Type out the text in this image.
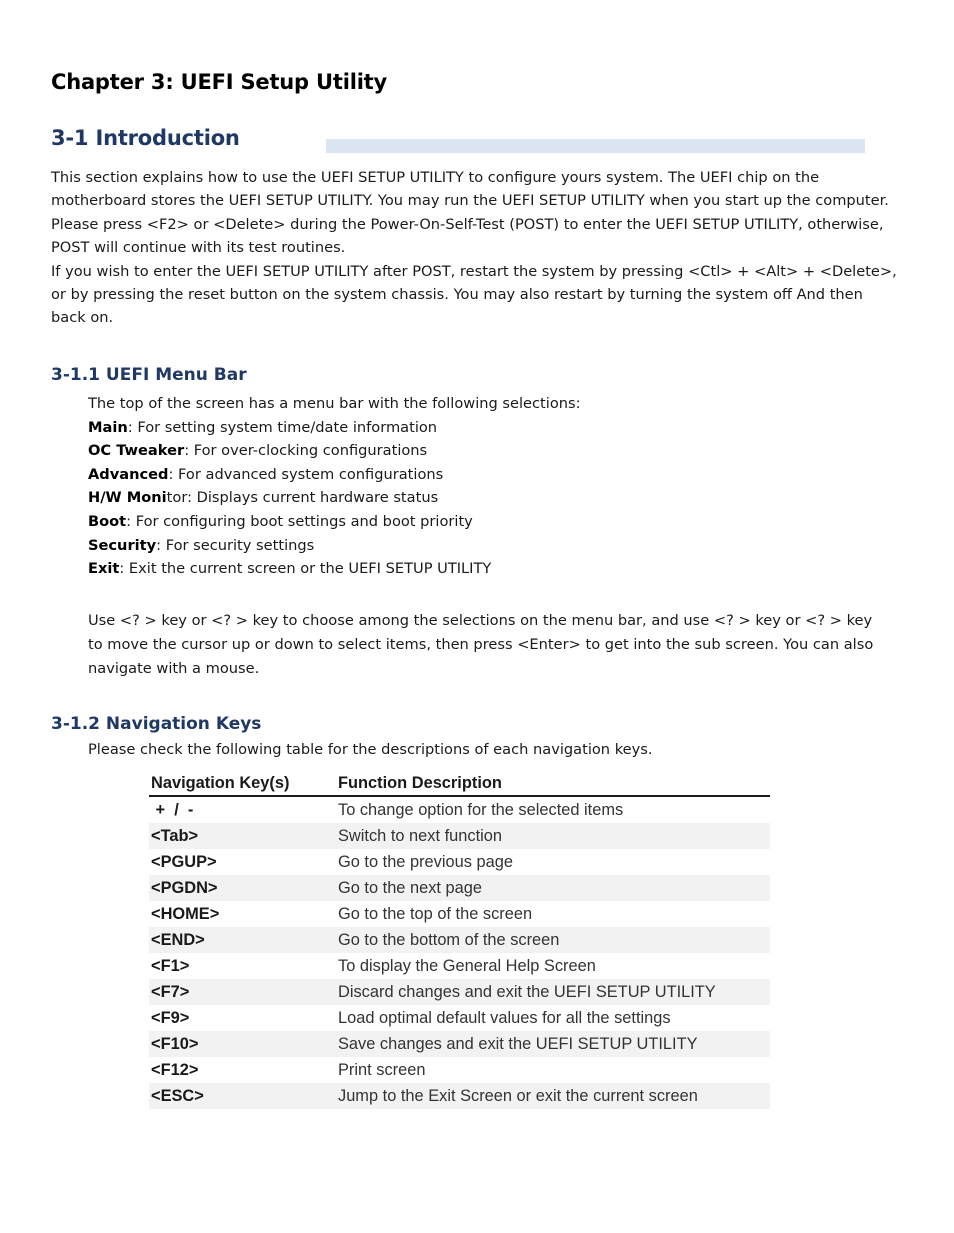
Chapter 3: UEFI Setup Utility
3-1 Introduction

This section explains how to use the UEFI SETUP UTILITY to configure yours system. The UEFI chip on the motherboard stores the UEFI SETUP UTILITY. You may run the UEFI SETUP UTILITY when you start up the computer. Please press <F2> or <Delete> during the Power-On-Self-Test (POST) to enter the UEFI SETUP UTILITY, otherwise, POST will continue with its test routines.

If you wish to enter the UEFI SETUP UTILITY after POST, restart the system by pressing <Ctl> + <Alt> + <Delete>, or by pressing the reset button on the system chassis. You may also restart by turning the system off And then back on.

3-1.1 UEFI Menu Bar
The top of the screen has a menu bar with the following selections:
Main: For setting system time/date information
OC Tweaker: For over-clocking configurations
Advanced: For advanced system configurations
H/W Monitor: Displays current hardware status
Boot: For configuring boot settings and boot priority
Security: For security settings
Exit: Exit the current screen or the UEFI SETUP UTILITY

Use <? > key or <? > key to choose among the selections on the menu bar, and use <? > key or <? > key to move the cursor up or down to select items, then press <Enter> to get into the sub screen. You can also navigate with a mouse.

3-1.2 Navigation Keys

Please check the following table for the descriptions of each navigation keys.

Navigation Key(s)	Function Description
+  /  -	To change option for the selected items
<Tab>	Switch to next function
<PGUP>	Go to the previous page
<PGDN>	Go to the next page
<HOME>	Go to the top of the screen
<END>	Go to the bottom of the screen
<F1>	To display the General Help Screen
<F7>	Discard changes and exit the UEFI SETUP UTILITY
<F9>	Load optimal default values for all the settings
<F10>	Save changes and exit the UEFI SETUP UTILITY
<F12>	Print screen
<ESC>	Jump to the Exit Screen or exit the current screen
